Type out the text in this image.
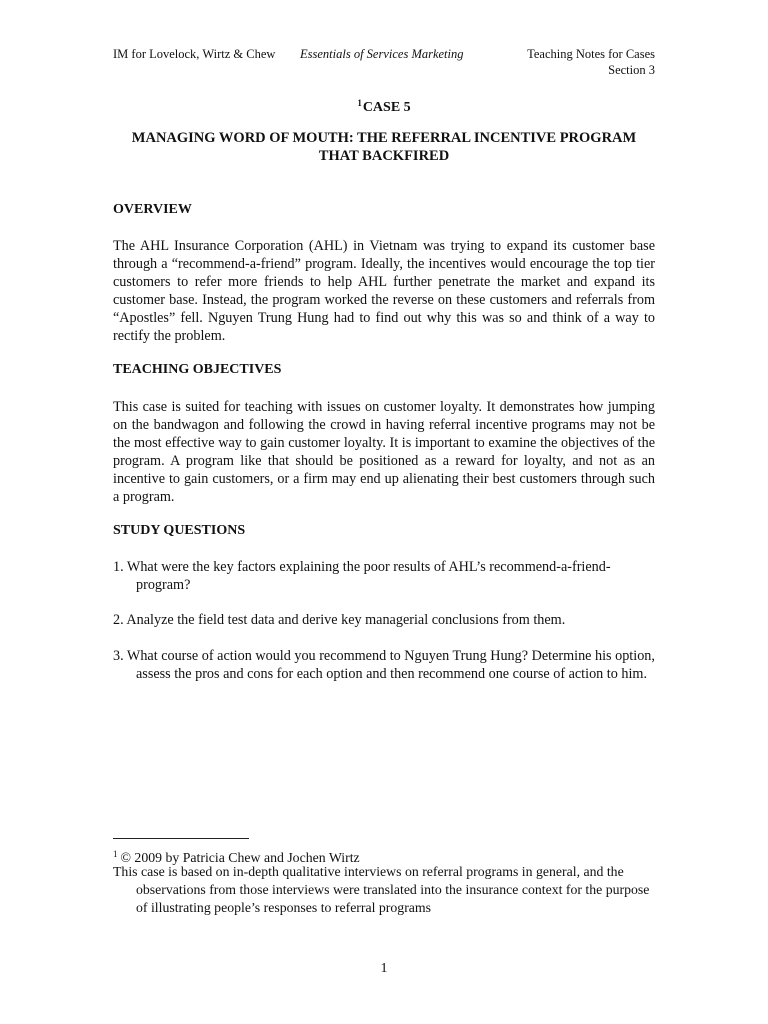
IM for Lovelock, Wirtz & Chew Essentials of Services Marketing	Teaching Notes for Cases
Section 3
$^1$CASE 5
MANAGING WORD OF MOUTH: THE REFERRAL INCENTIVE PROGRAM THAT BACKFIRED
OVERVIEW

The AHL Insurance Corporation (AHL) in Vietnam was trying to expand its customer base through a “recommend-a-friend” program. Ideally, the incentives would encourage the top tier customers to refer more friends to help AHL further penetrate the market and expand its customer base. Instead, the program worked the reverse on these customers and referrals from “Apostles” fell. Nguyen Trung Hung had to find out why this was so and think of a way to rectify the problem.

TEACHING OBJECTIVES

This case is suited for teaching with issues on customer loyalty. It demonstrates how jumping on the bandwagon and following the crowd in having referral incentive programs may not be the most effective way to gain customer loyalty. It is important to examine the objectives of the program. A program like that should be positioned as a reward for loyalty, and not as an incentive to gain customers, or a firm may end up alienating their best customers through such a program.

STUDY QUESTIONS

1. What were the key factors explaining the poor results of AHL’s recommend-a-friend-program?

2. Analyze the field test data and derive key managerial conclusions from them.

3. What course of action would you recommend to Nguyen Trung Hung? Determine his option, assess the pros and cons for each option and then recommend one course of action to him.

$^1$ © 2009 by Patricia Chew and Jochen Wirtz

This case is based on in-depth qualitative interviews on referral programs in general, and the observations from those interviews were translated into the insurance context for the purpose of illustrating people’s responses to referral programs

1
